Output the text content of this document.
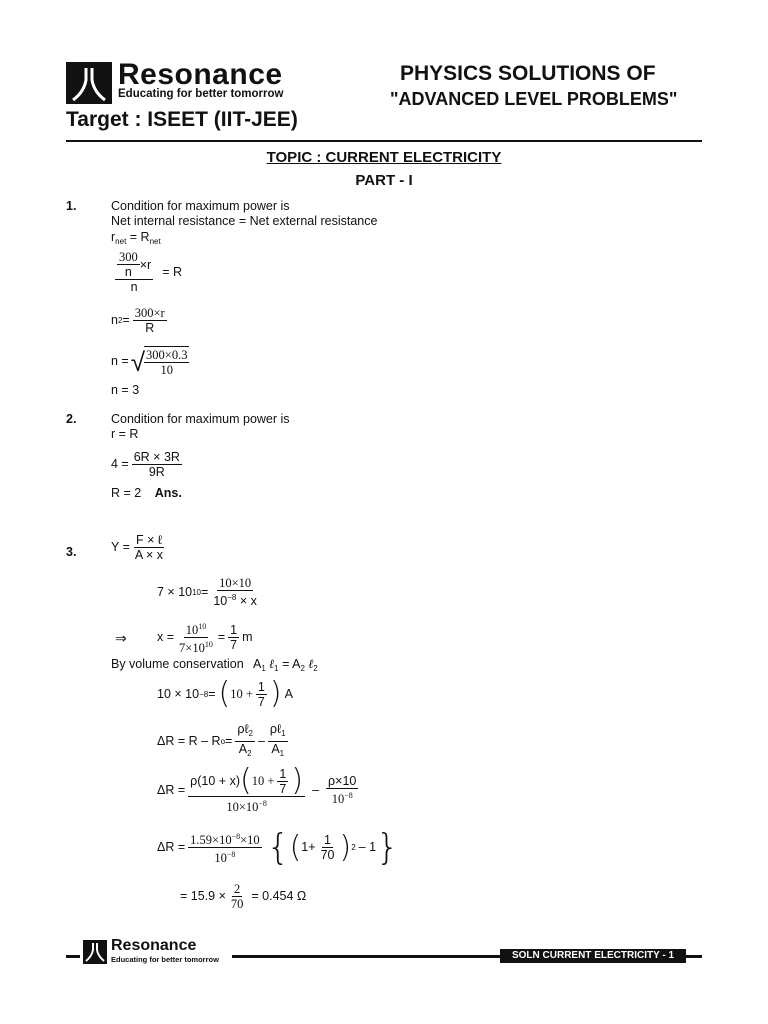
Resonance
Educating for better tomorrow
PHYSICS SOLUTIONS OF
"ADVANCED LEVEL PROBLEMS"
Target : ISEET (IIT-JEE)
TOPIC : CURRENT ELECTRICITY
PART - I
1.	Condition for maximum power is
Net internal resistance = Net external resistance
$r_{net} = R_{net}$
$\frac{\frac{300}{n} \times r}{n} = R$
n $2 = \frac{300\times r}{R}$
n = √ $\frac{300\times 0.3}{10}$
n = 3
2.	Condition for maximum power is
r = R
$4 = \frac{6R \times 3R}{9R}$
R = 2 Ans.
3.	$Y = \frac{\text{F × ℓ}}{A \times x}$
7 × 10 $10 = \frac{10\times 10}{10^{-8} \times x}$
⇒ $x = \frac{10^{10}}{7\times 10^{10}} = \frac{1}{7}$ m
By volume conservation $A_1$ ℓ$_1$ = $A_2$ ℓ$_2$
10 × 10 −8 = ( $10 + \frac{1}{7}$ ) A
ΔR = R – R $o = \frac{\rho\ell_2}{A_2} - \frac{\rho\ell_1}{A_1}$
$\Delta R = \frac{\rho(10 + x) ( 10 + \frac{1}{7} )}{10\times 10^{-8}} - \frac{\rho\times 10}{10^{-8}}$
$\Delta R = \frac{1.59\times 10^{-8}\times 10}{10^{-8}}$ { ( $1+ \frac{1}{70}$ ) 2 – 1 }
= $15.9 \times \frac{2}{70} = 0.454$ Ω
Resonance
Educating for better tomorrow	SOLN CURRENT ELECTRICITY - 1
